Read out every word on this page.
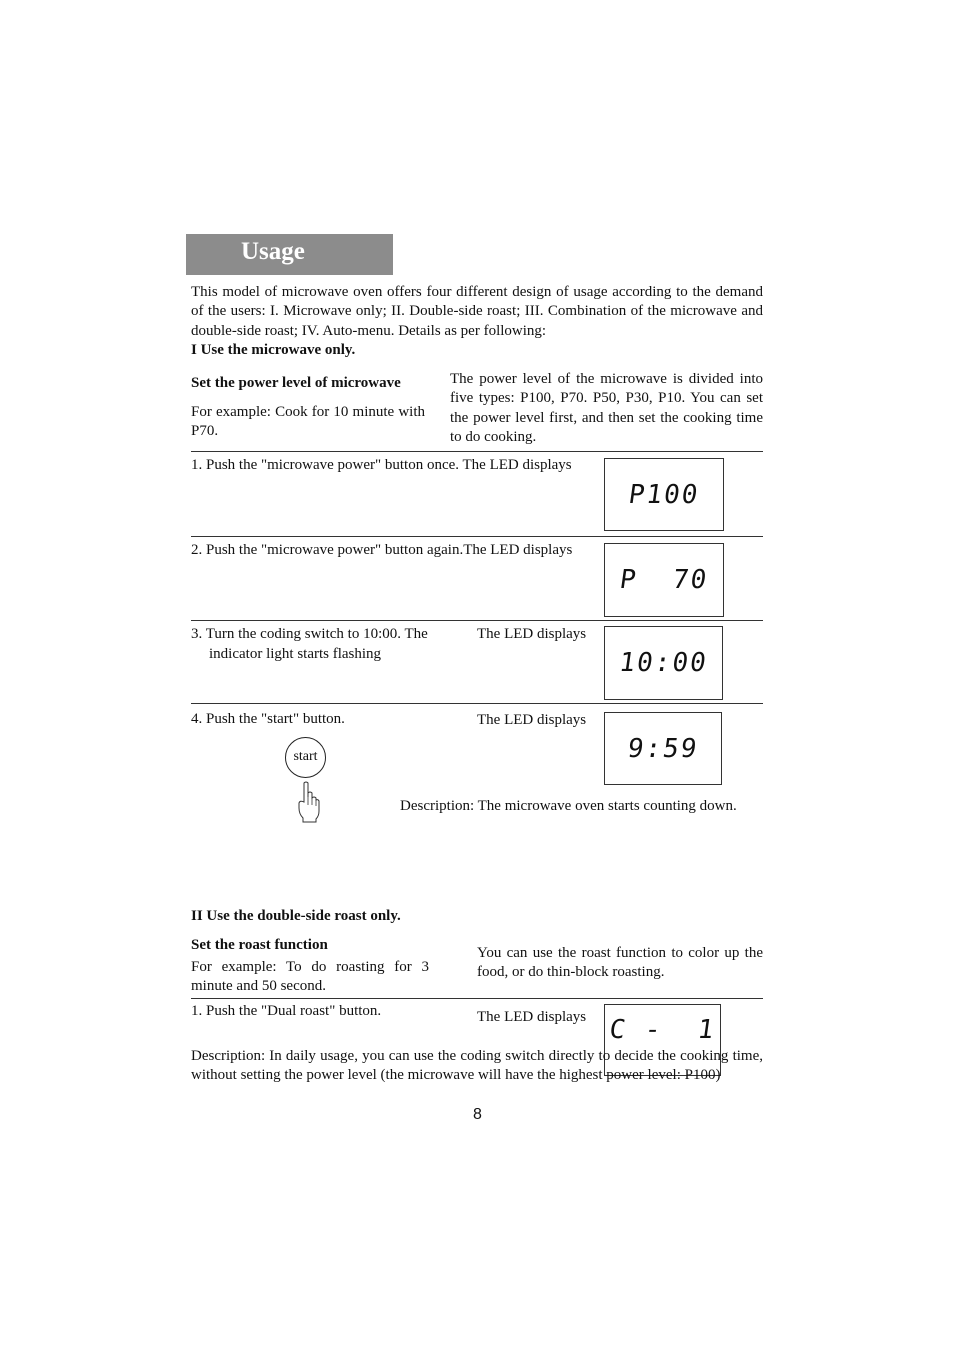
Usage
This model of microwave oven offers four different design of usage according to the demand of the users: I. Microwave only; II. Double-side roast; III. Combination of the microwave and double-side roast; IV. Auto-menu. Details as per following:
I Use the microwave only.
Set the power level of microwave
For example: Cook for 10 minute with P70.
The power level of the microwave is divided into five types: P100, P70. P50, P30, P10. You can set the power level first, and then set the cooking time to do cooking.
1. Push the "microwave power" button once. The LED displays
P100
2. Push the "microwave power" button again.The LED displays
P  70
3. Turn the coding switch to 10:00. The
indicator light starts flashing
The LED displays
10:00
4. Push the "start" button.	The LED displays
9:59
start
Description: The microwave oven starts counting down.
II Use the double-side roast only.
Set the roast function
For example: To do roasting for 3 minute and 50 second.
You can use the roast function to color up the food, or do thin-block roasting.
1. Push the "Dual roast" button.	The LED displays C -  1
Description: In daily usage, you can use the coding switch directly to decide the cooking time, without setting the power level (the microwave will have the highest power level: P100)
8
